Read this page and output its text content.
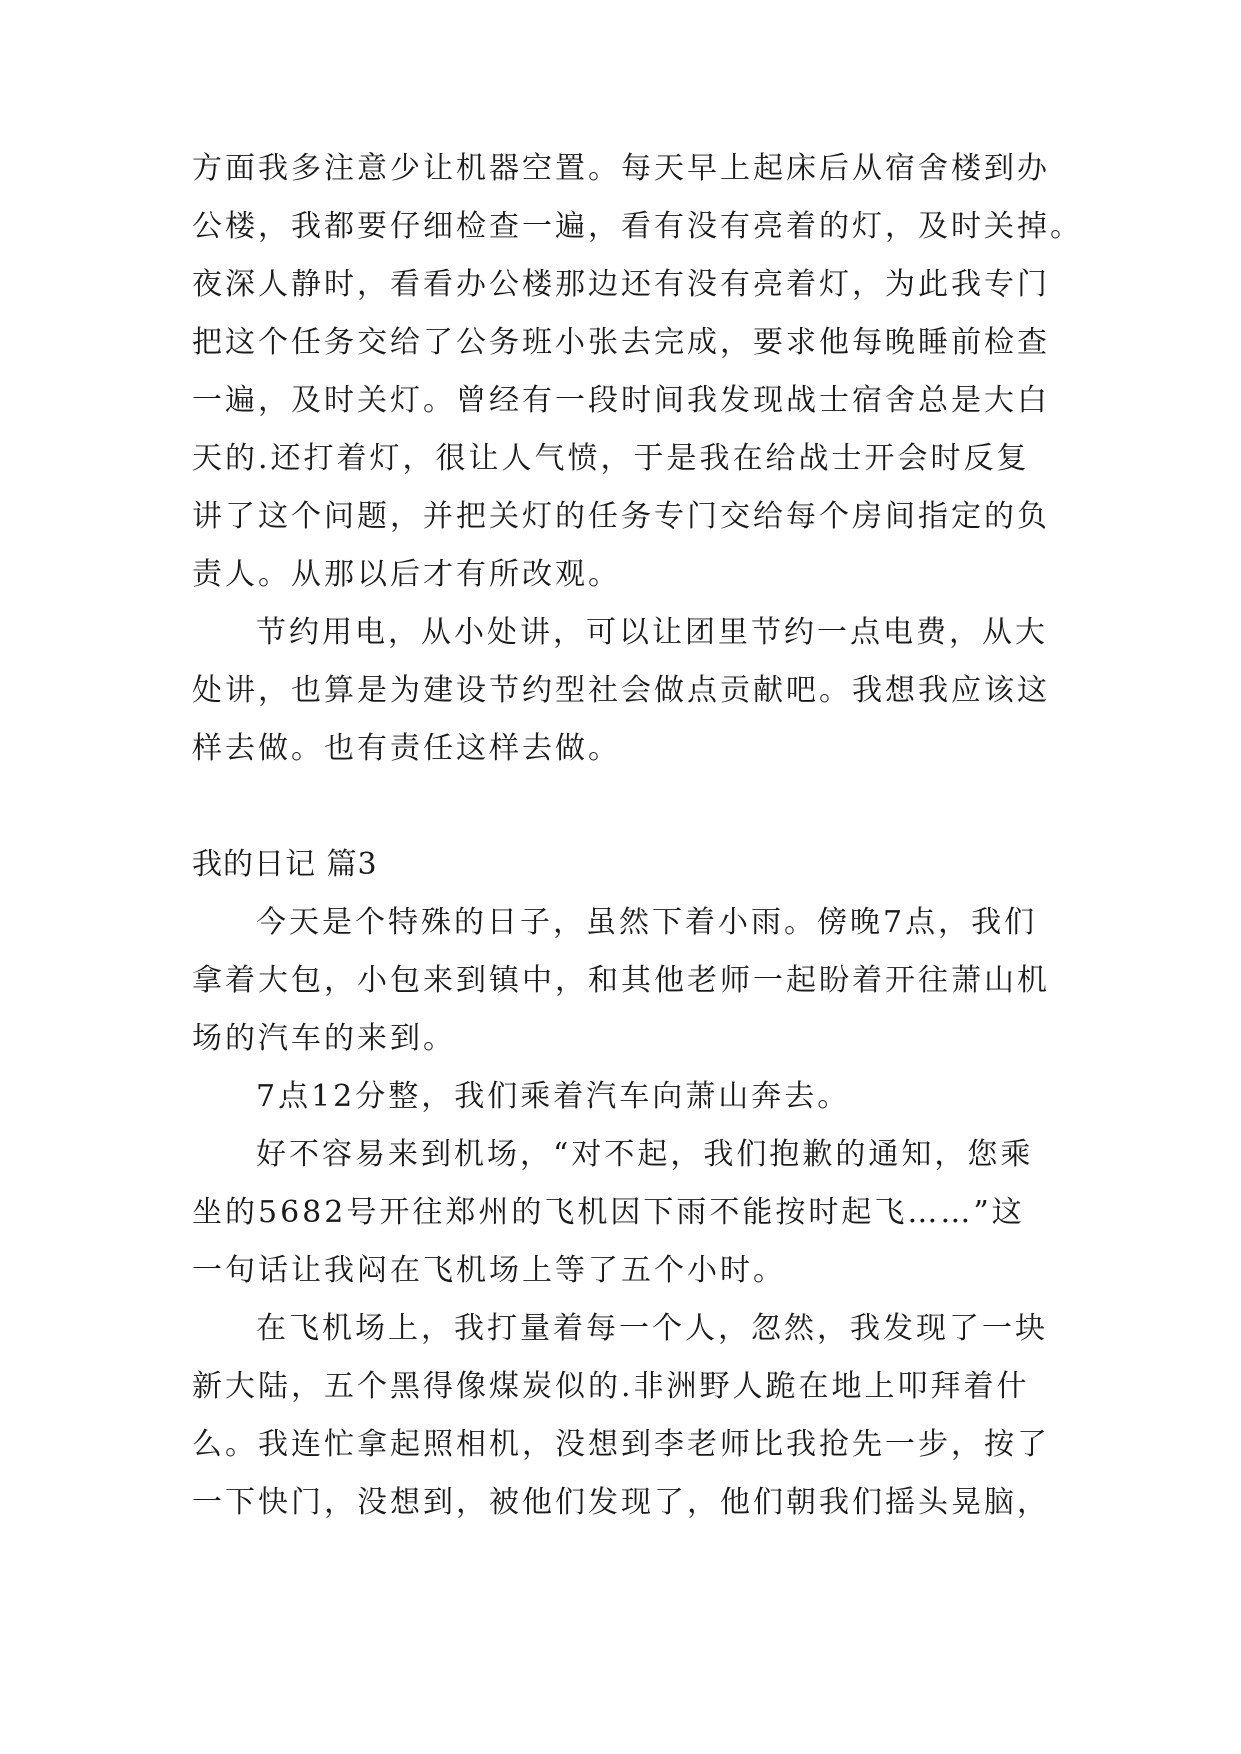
方面我多注意少让机器空置。每天早上起床后从宿舍楼到办
公楼，我都要仔细检查一遍，看有没有亮着的灯，及时关掉。
夜深人静时，看看办公楼那边还有没有亮着灯，为此我专门
把这个任务交给了公务班小张去完成，要求他每晚睡前检查
一遍，及时关灯。曾经有一段时间我发现战士宿舍总是大白
天的.还打着灯，很让人气愤，于是我在给战士开会时反复
讲了这个问题，并把关灯的任务专门交给每个房间指定的负
责人。从那以后才有所改观。
节约用电，从小处讲，可以让团里节约一点电费，从大
处讲，也算是为建设节约型社会做点贡献吧。我想我应该这
样去做。也有责任这样去做。
我的日记 篇3
今天是个特殊的日子，虽然下着小雨。傍晚7点，我们
拿着大包，小包来到镇中，和其他老师一起盼着开往萧山机
场的汽车的来到。
7点12分整，我们乘着汽车向萧山奔去。
好不容易来到机场，“对不起，我们抱歉的通知，您乘
坐的5682号开往郑州的飞机因下雨不能按时起飞……”这
一句话让我闷在飞机场上等了五个小时。
在飞机场上，我打量着每一个人，忽然，我发现了一块
新大陆，五个黑得像煤炭似的.非洲野人跪在地上叩拜着什
么。我连忙拿起照相机，没想到李老师比我抢先一步，按了
一下快门，没想到，被他们发现了，他们朝我们摇头晃脑，
